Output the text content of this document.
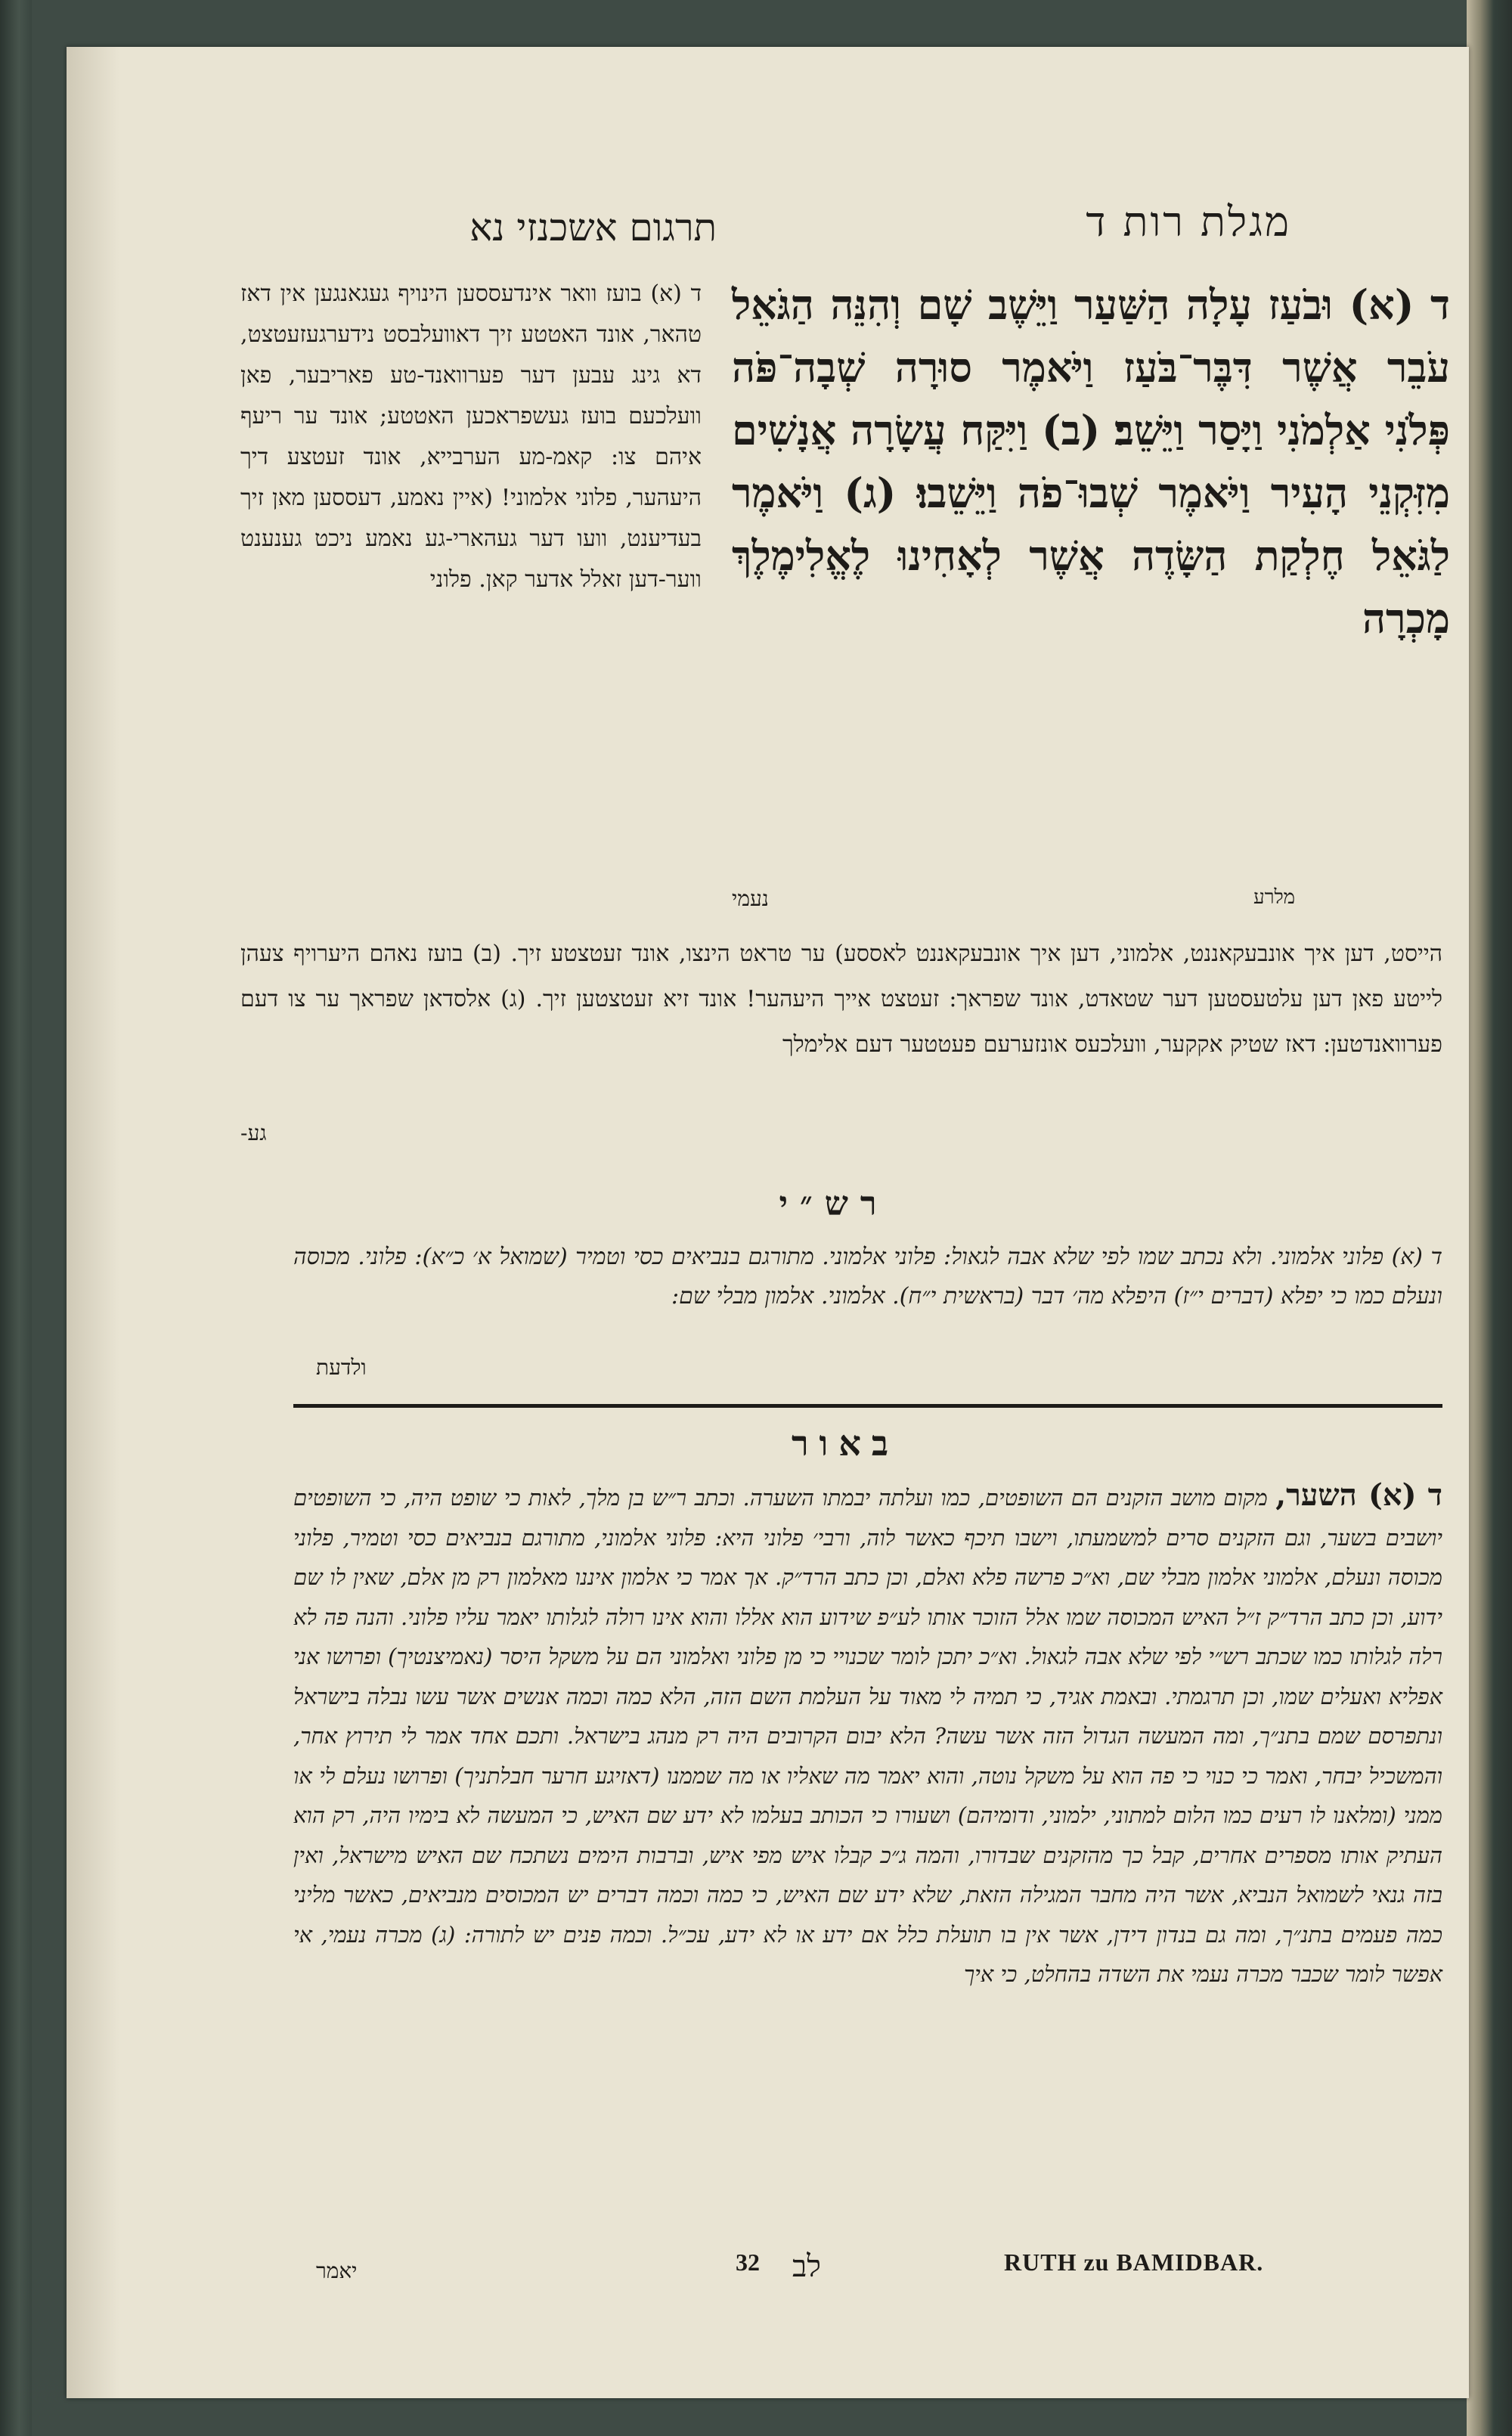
מגלת רות ד
תרגום אשכנזי נא
ד (א) בועז וואר אינדעססען הינויף געגאנגען אין דאז טהאר, אונד האטטע זיך דאוועלבסט נידערגעזעטצט, דא גינג עבען דער פערוואנד-טע פאריבער, פאן וועלכעם בועז געשפראכען האטטע; אונד ער ריעף איהם צו: קאמ-מע הערבייא, אונד זעטצע דיך היעהער, פלוני אלמוני! (איין נאמע, דעססען מאן זיך בעדיענט, וועו דער געהארי-גע נאמע ניכט גענענט ווער-דען זאלל אדער קאן. פלוני
ד (א) וּבֹעַז עָלָה הַשַּׁעַר וַיֵּשֶׁב שָׁם וְהִנֵּה הַגֹּאֵל עֹבֵר אֲשֶׁר דִּבֶּר־בֹּעַז וַיֹּאמֶר סוּרָה שְׁבָה־פֹּה פְּלֹנִי אַלְמֹנִי וַיָּסַר וַיֵּשֵׁב׃ (ב) וַיִּקַּח עֲשָׂרָה אֲנָשִׁים מִזִּקְנֵי הָעִיר וַיֹּאמֶר שְׁבוּ־פֹה וַיֵּשֵׁבוּ׃ (ג) וַיֹּאמֶר לַגֹּאֵל חֶלְקַת הַשָּׂדֶה אֲשֶׁר לְאָחִינוּ לֶאֱלִימֶלֶךְ מָכְרָה
מלרע
נעמי
הייסט, דען איך אונבעקאננט, אלמוני, דען איך אונבעקאננט לאססע) ער טראט הינצו, אונד זעטצטע זיך. (ב) בועז נאהם היערויף צעהן לייטע פאן דען עלטעסטען דער שטאדט, אונד שפראך: זעטצט אייך היעהער! אונד זיא זעטצטען זיך. (ג) אלסדאן שפראך ער צו דעם פערוואנדטען: דאז שטיק אקקער, וועלכעס אונזערעם פעטטער דעם אלימלך
גע-
רש״י
ד (א) פלוני אלמוני. ולא נכתב שמו לפי שלא אבה לגאול: פלוני אלמוני. מתורגם בנביאים כסי וטמיר (שמואל א׳ כ״א): פלוני. מכוסה ונעלם כמו כי יפלא (דברים י״ז) היפלא מה׳ דבר (בראשית י״ח). אלמוני. אלמון מבלי שם:
ולדעת
באור
ד (א) השער, מקום מושב הזקנים הם השופטים, כמו ועלתה יבמתו השערה. וכתב ר״ש בן מלך, לאות כי שופט היה, כי השופטים יושבים בשער, וגם הזקנים סרים למשמעתו, וישבו תיכף כאשר לוה, ורבי׳ פלוני היא: פלוני אלמוני, מתורגם בנביאים כסי וטמיר, פלוני מכוסה ונעלם, אלמוני אלמון מבלי שם, וא״כ פרשה פלא ואלם, וכן כתב הרד״ק. אך אמר כי אלמון איננו מאלמון רק מן אלם, שאין לו שם ידוע, וכן כתב הרד״ק ז״ל האיש המכוסה שמו אלל הזוכר אותו לע״פ שידוע הוא אללו והוא אינו רולה לגלותו יאמר עליו פלוני. והנה פה לא רלה לגלותו כמו שכתב רש״י לפי שלא אבה לגאול. וא״כ יתכן לומר שכנויי כי מן פלוני ואלמוני הם על משקל היסר (נאמיצנטיך) ופרושו אני אפליא ואעלים שמו, וכן תרגמתי. ובאמת אגיד, כי תמיה לי מאוד על העלמת השם הזה, הלא כמה וכמה אנשים אשר עשו נבלה בישראל ונתפרסם שמם בתנ״ך, ומה המעשה הגדול הזה אשר עשה? הלא יבום הקרובים היה רק מנהג בישראל. ותכם אחד אמר לי תירוץ אחר, והמשכיל יבחר, ואמר כי כנוי כי פה הוא על משקל נוטה, והוא יאמר מה שאליו או מה שממנו (דאזיגע חרער חבלתניך) ופרושו נעלם לי או ממני (ומלאנו לו רעים כמו הלום למתוני, ילמוני, ודומיהם) ושעורו כי הכותב בעלמו לא ידע שם האיש, כי המעשה לא בימיו היה, רק הוא העתיק אותו מספרים אחרים, קבל כך מהזקנים שבדורו, והמה ג״כ קבלו איש מפי איש, וברבות הימים נשתכח שם האיש מישראל, ואין בזה גנאי לשמואל הנביא, אשר היה מחבר המגילה הזאת, שלא ידע שם האיש, כי כמה וכמה דברים יש המכוסים מנביאים, כאשר מליני כמה פעמים בתנ״ך, ומה גם בנדון דידן, אשר אין בו תועלת כלל אם ידע או לא ידע, עכ״ל. וכמה פנים יש לתורה: (ג) מכרה נעמי, אי אפשר לומר שכבר מכרה נעמי את השדה בהחלט, כי איך
יאמר	32 לב	RUTH zu BAMIDBAR.
